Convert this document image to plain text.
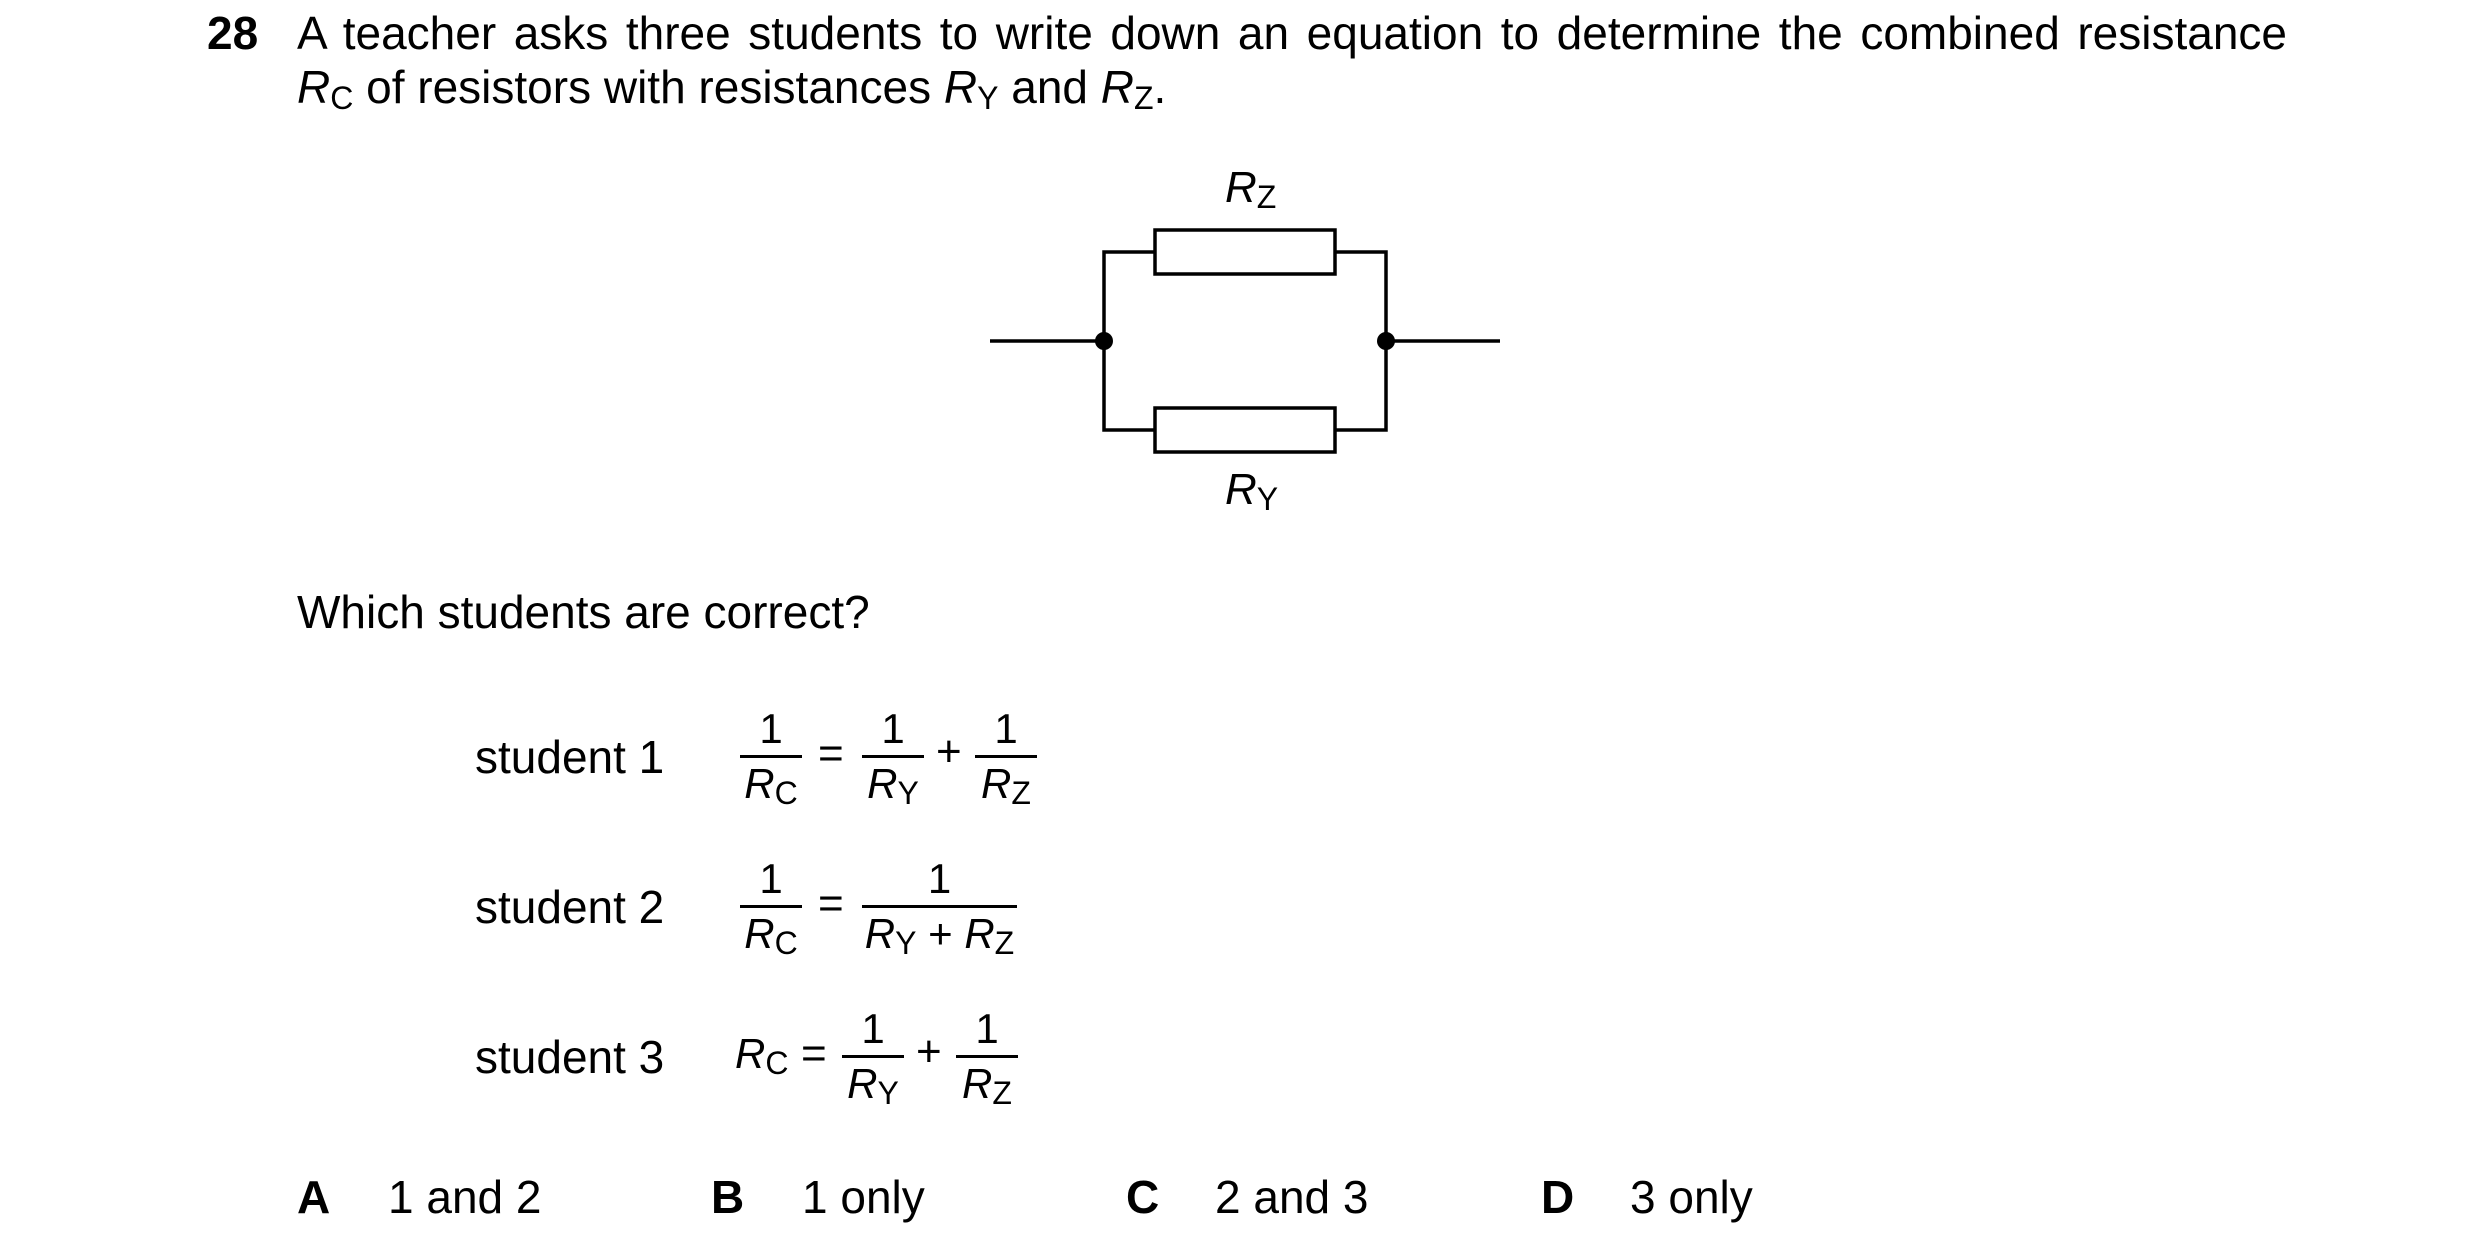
28 A teacher asks three students to write down an equation to determine the combined resistance
$R_C$ of resistors with resistances $R_Y$ and $R_Z$.
$R_Z$
$R_Y$
Which students are correct?
student 1
1
$R_C$
=
1
$R_Y$
+ 1
$R_Z$
student 2
1
$R_C$
=
1
$R_Y + R_Z$
student 3 $R_C$ =
1
$R_Y$
+ 1
$R_Z$
A 1 and 2	B 1 only	C 2 and 3	D 3 only
